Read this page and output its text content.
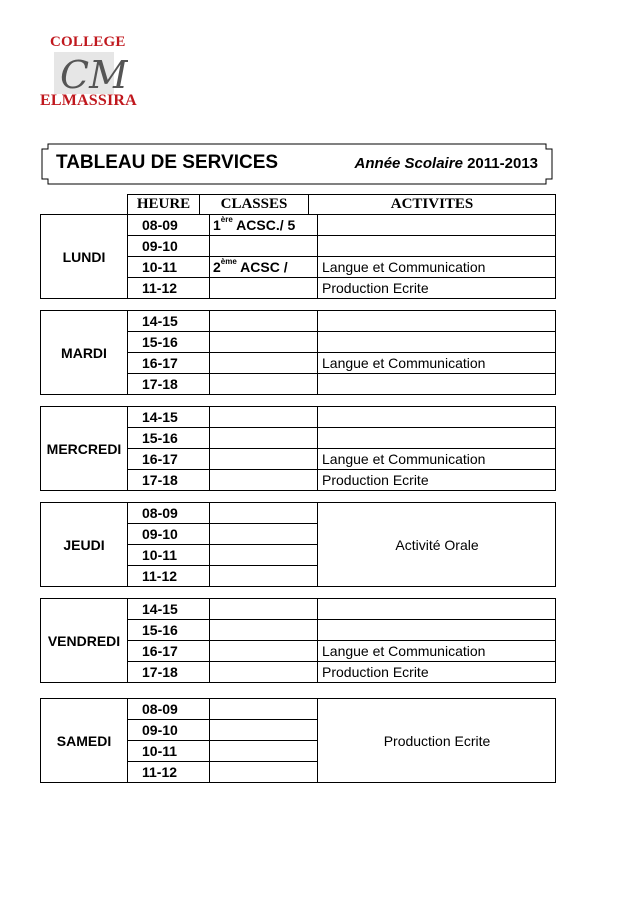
COLLEGE
CM
ELMASSIRA
TABLEAU DE SERVICES	Année Scolaire 2011-2013
	HEURE	CLASSES	ACTIVITES
LUNDI	08-09	1ère ACSC./ 5	
	09-10		
	10-11	2ème ACSC /	Langue et Communication
	11-12		Production Ecrite
MARDI	14-15		
	15-16		
	16-17		Langue et Communication
	17-18		
MERCREDI	14-15		
	15-16		
	16-17		Langue et Communication
	17-18		Production Ecrite
JEUDI	08-09		Activité Orale
	09-10		
	10-11		
	11-12		
VENDREDI	14-15		
	15-16		
	16-17		Langue et Communication
	17-18		Production Ecrite
SAMEDI	08-09		Production Ecrite
	09-10		
	10-11		
	11-12		
